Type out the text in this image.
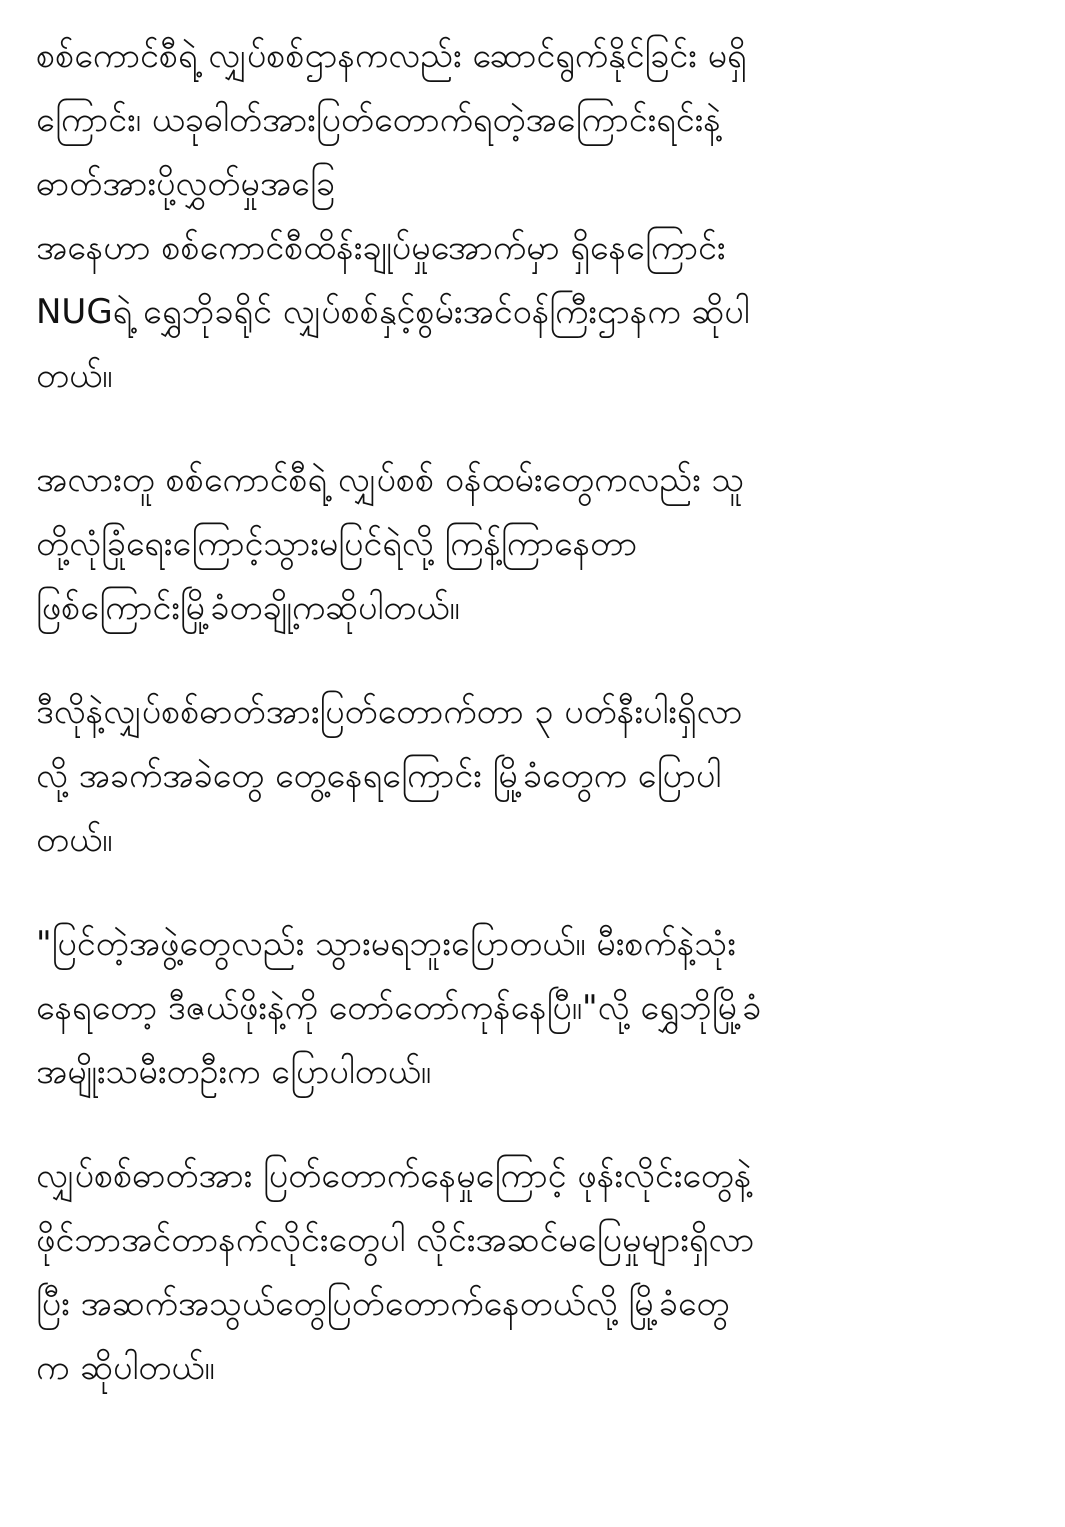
စစ်ကောင်စီရဲ့ လျှပ်စစ်ဌာနကလည်း ဆောင်ရွက်နိုင်ခြင်း မရှိ
ကြောင်း၊ ယခုဓါတ်အားပြတ်တောက်ရတဲ့အကြောင်းရင်းနဲ့
ဓာတ်အားပို့လွှတ်မှုအခြေ
အနေဟာ စစ်ကောင်စီထိန်းချုပ်မှုအောက်မှာ ရှိနေကြောင်း
NUGရဲ့ ရွှေဘိုခရိုင် လျှပ်စစ်နှင့်စွမ်းအင်ဝန်ကြီးဌာနက ဆိုပါ
တယ်။
အလားတူ စစ်ကောင်စီရဲ့ လျှပ်စစ် ဝန်ထမ်းတွေကလည်း သူ
တို့လုံခြုံရေးကြောင့်သွားမပြင်ရဲလို့ ကြန့်ကြာနေတာ
ဖြစ်ကြောင်းမြို့ခံတချို့ကဆိုပါတယ်။
ဒီလိုနဲ့လျှပ်စစ်ဓာတ်အားပြတ်တောက်တာ ၃ ပတ်နီးပါးရှိလာ
လို့ အခက်အခဲတွေ တွေ့နေရကြောင်း မြို့ခံတွေက ပြောပါ
တယ်။
"ပြင်တဲ့အဖွဲ့တွေလည်း သွားမရဘူးပြောတယ်။ မီးစက်နဲ့သုံး
နေရတော့ ဒီဇယ်ဖိုးနဲ့ကို တော်တော်ကုန်နေပြီ။"လို့ ရွှေဘိုမြို့ခံ
အမျိုးသမီးတဦးက ပြောပါတယ်။
လျှပ်စစ်ဓာတ်အား ပြတ်တောက်နေမှုကြောင့် ဖုန်းလိုင်းတွေနဲ့
ဖိုင်ဘာအင်တာနက်လိုင်းတွေပါ လိုင်းအဆင်မပြေမှုများရှိလာ
ပြီး အဆက်အသွယ်တွေပြတ်တောက်နေတယ်လို့ မြို့ခံတွေ
က ဆိုပါတယ်။
